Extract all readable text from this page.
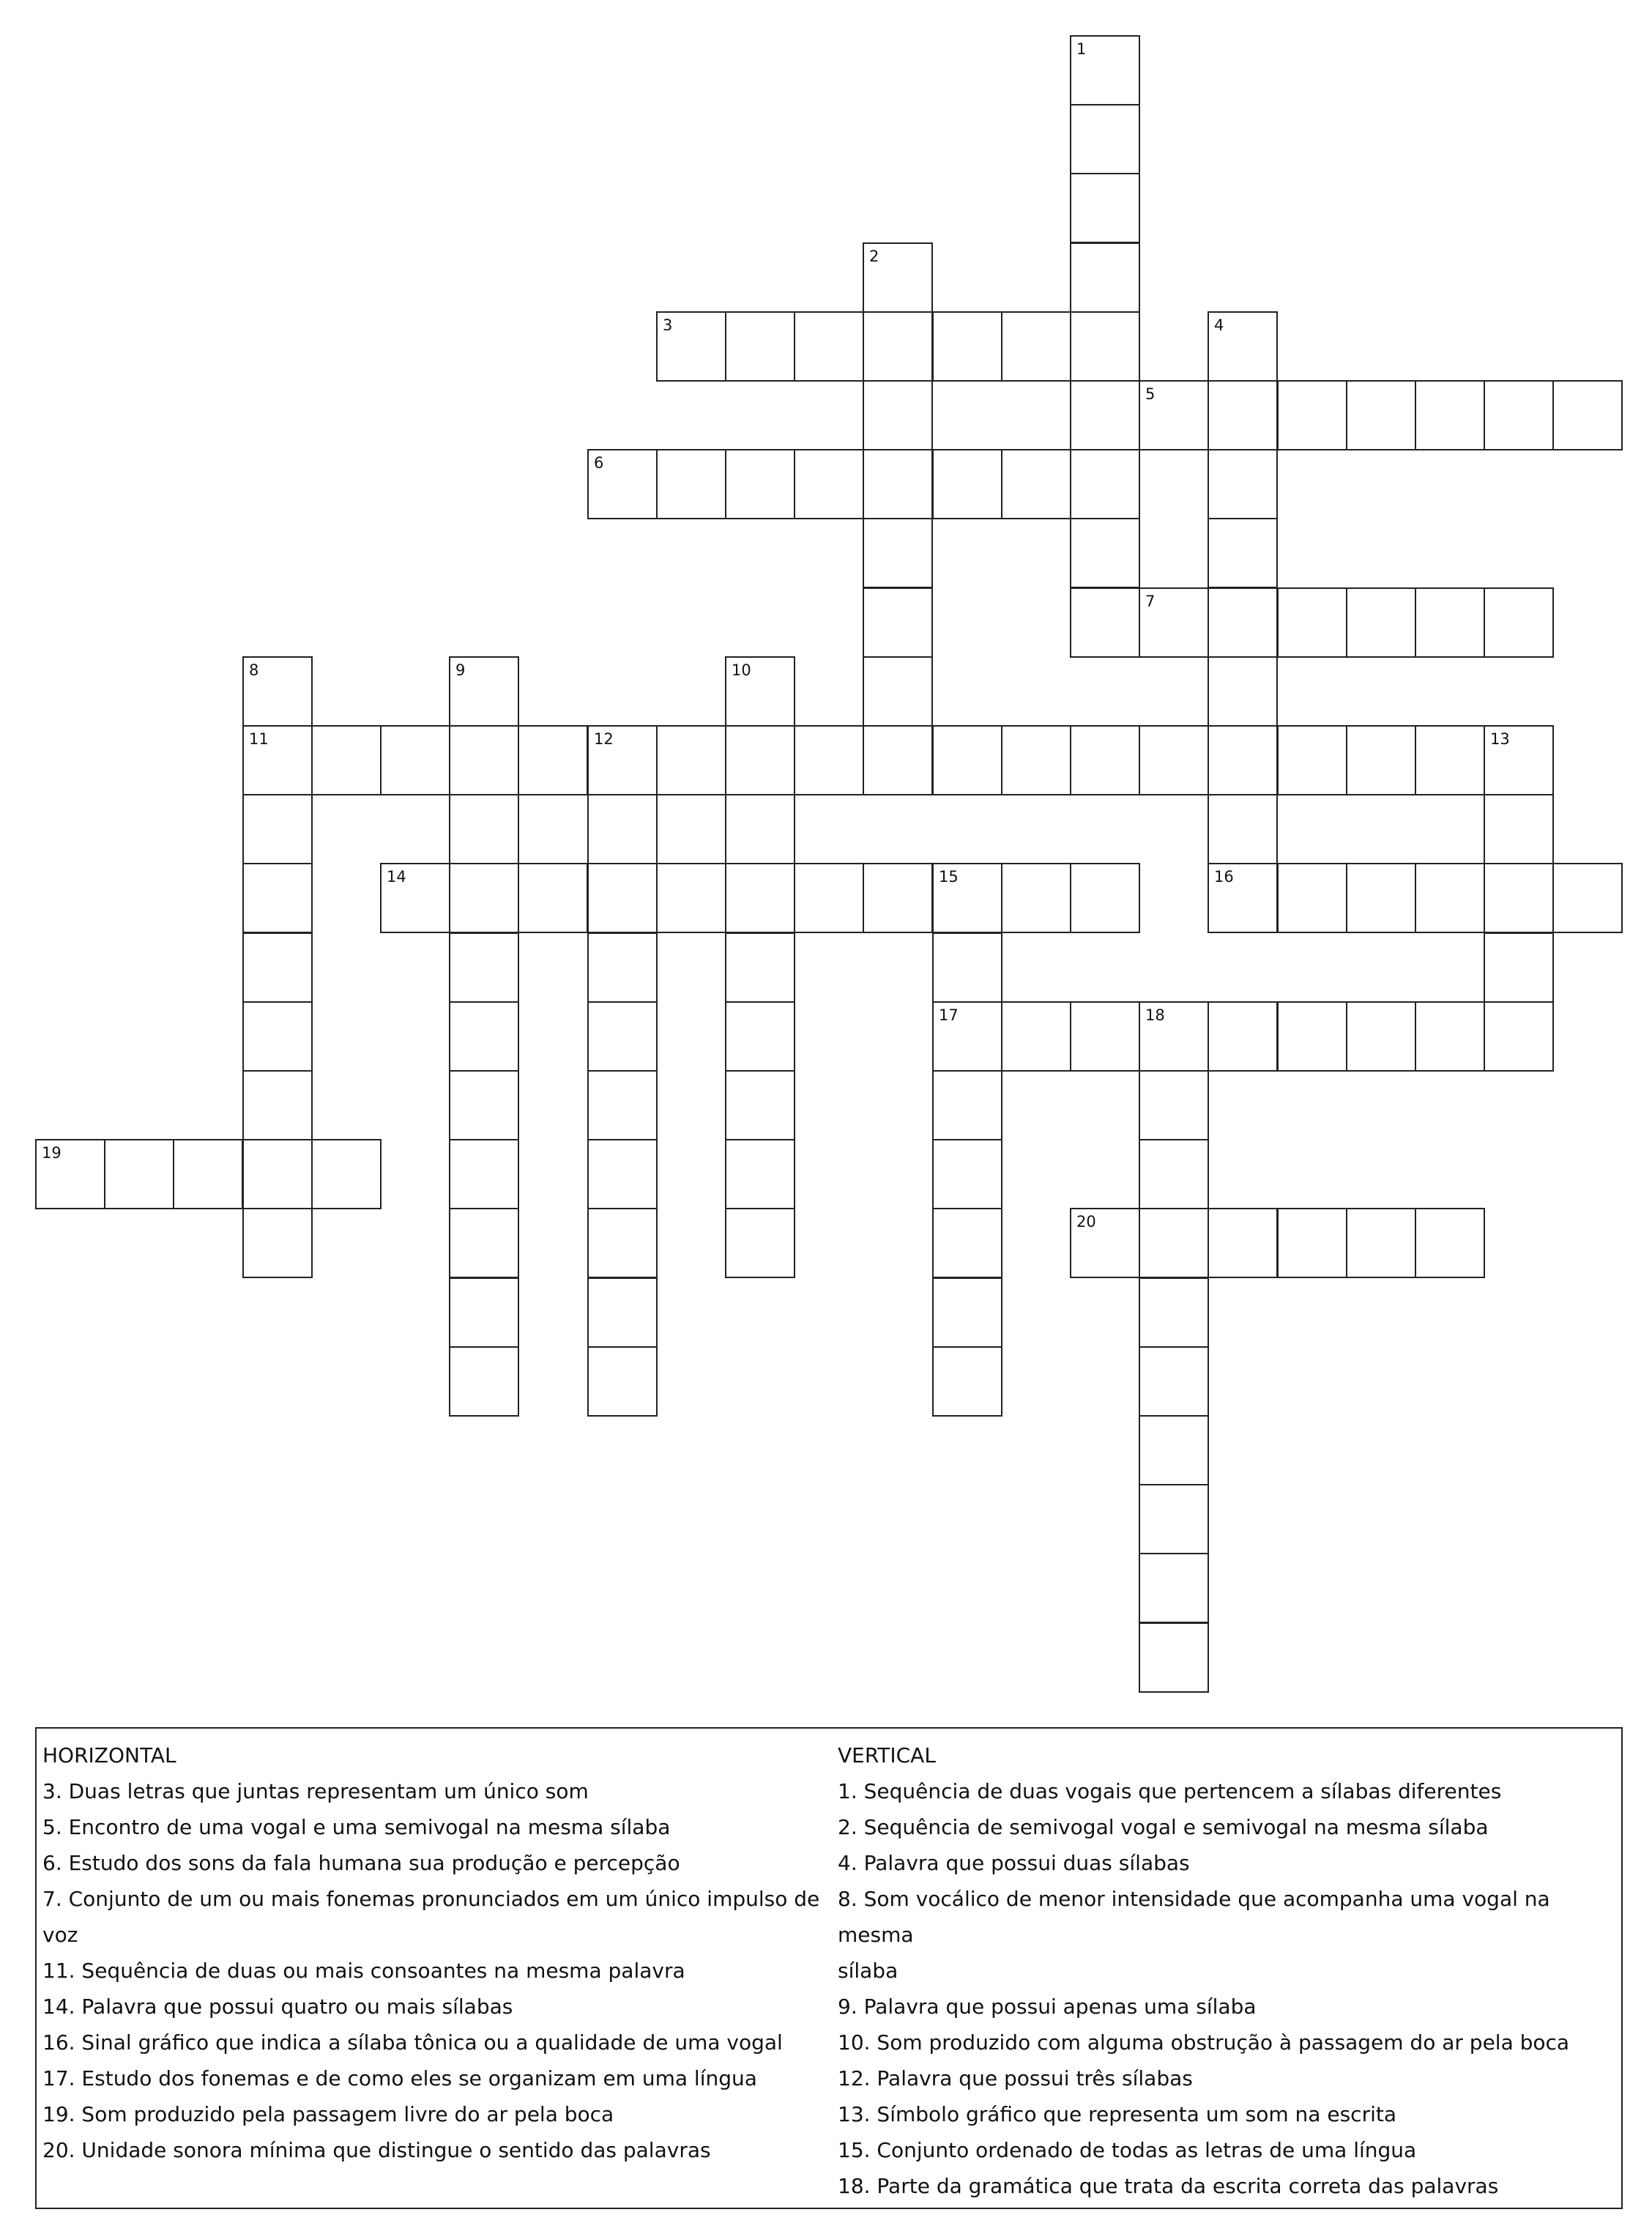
1
2
3	4
5
6
7
8
11
9	10
12	13
14	15
17
16
18
19
20
HORIZONTAL
3. Duas letras que juntas representam um único som
5. Encontro de uma vogal e uma semivogal na mesma sílaba
6. Estudo dos sons da fala humana sua produção e percepção
7. Conjunto de um ou mais fonemas pronunciados em um único impulso de voz
11. Sequência de duas ou mais consoantes na mesma palavra
14. Palavra que possui quatro ou mais sílabas
16. Sinal gráfico que indica a sílaba tônica ou a qualidade de uma vogal
17. Estudo dos fonemas e de como eles se organizam em uma língua
19. Som produzido pela passagem livre do ar pela boca
20. Unidade sonora mínima que distingue o sentido das palavras
VERTICAL
1. Sequência de duas vogais que pertencem a sílabas diferentes
2. Sequência de semivogal vogal e semivogal na mesma sílaba
4. Palavra que possui duas sílabas
8. Som vocálico de menor intensidade que acompanha uma vogal na mesma
sílaba
9. Palavra que possui apenas uma sílaba
10. Som produzido com alguma obstrução à passagem do ar pela boca
12. Palavra que possui três sílabas
13. Símbolo gráfico que representa um som na escrita
15. Conjunto ordenado de todas as letras de uma língua
18. Parte da gramática que trata da escrita correta das palavras
